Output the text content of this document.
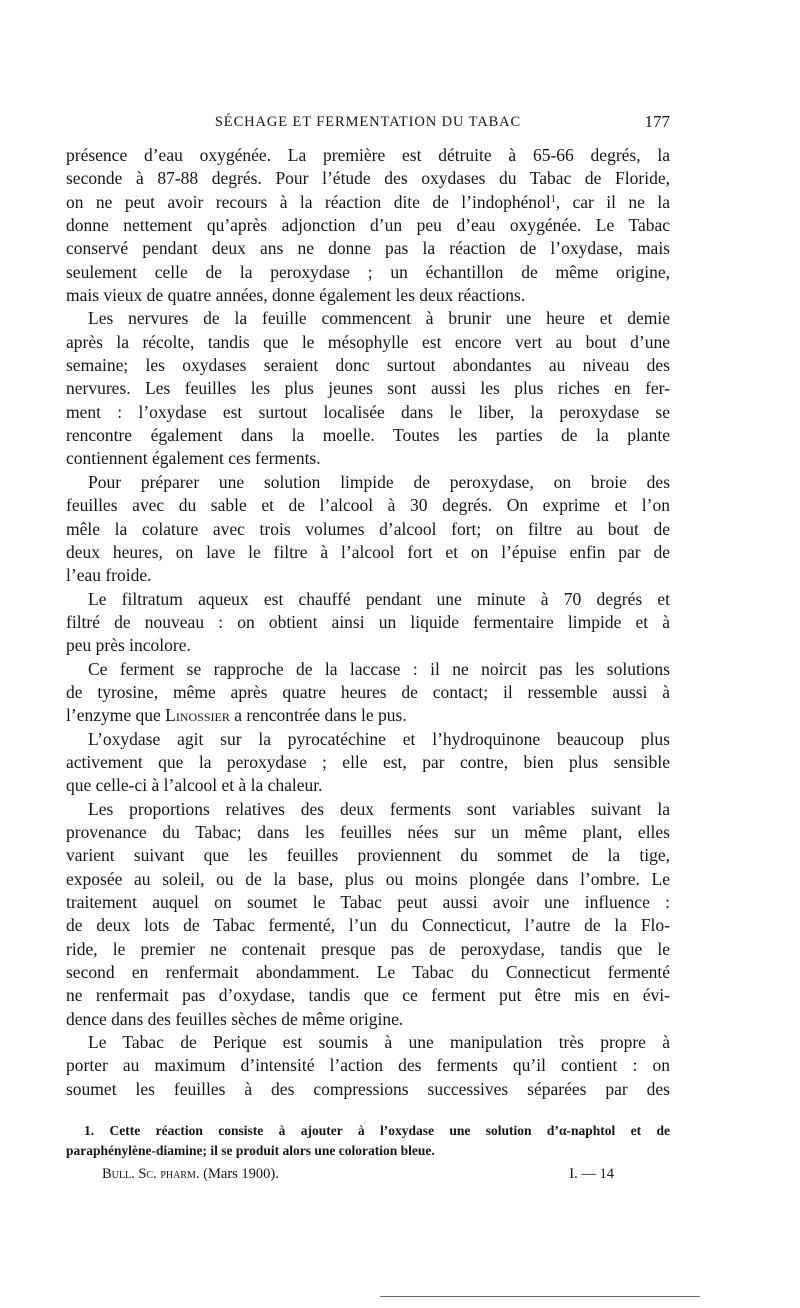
SÉCHAGE ET FERMENTATION DU TABAC	177
présence d’eau oxygénée. La première est détruite à 65-66 degrés, la
seconde à 87-88 degrés. Pour l’étude des oxydases du Tabac de Floride,
on ne peut avoir recours à la réaction dite de l’indophénol$^1$, car il ne la
donne nettement qu’après adjonction d’un peu d’eau oxygénée. Le Tabac
conservé pendant deux ans ne donne pas la réaction de l’oxydase, mais
seulement celle de la peroxydase ; un échantillon de même origine,
mais vieux de quatre années, donne également les deux réactions.
Les nervures de la feuille commencent à brunir une heure et demie
après la récolte, tandis que le mésophylle est encore vert au bout d’une
semaine; les oxydases seraient donc surtout abondantes au niveau des
nervures. Les feuilles les plus jeunes sont aussi les plus riches en fer-
ment : l’oxydase est surtout localisée dans le liber, la peroxydase se
rencontre également dans la moelle. Toutes les parties de la plante
contiennent également ces ferments.
Pour préparer une solution limpide de peroxydase, on broie des
feuilles avec du sable et de l’alcool à 30 degrés. On exprime et l’on
mêle la colature avec trois volumes d’alcool fort; on filtre au bout de
deux heures, on lave le filtre à l’alcool fort et on l’épuise enfin par de
l’eau froide.
Le filtratum aqueux est chauffé pendant une minute à 70 degrés et
filtré de nouveau : on obtient ainsi un liquide fermentaire limpide et à
peu près incolore.
Ce ferment se rapproche de la laccase : il ne noircit pas les solutions
de tyrosine, même après quatre heures de contact; il ressemble aussi à
l’enzyme que Linossier a rencontrée dans le pus.
L’oxydase agit sur la pyrocatéchine et l’hydroquinone beaucoup plus
activement que la peroxydase ; elle est, par contre, bien plus sensible
que celle-ci à l’alcool et à la chaleur.
Les proportions relatives des deux ferments sont variables suivant la
provenance du Tabac; dans les feuilles nées sur un même plant, elles
varient suivant que les feuilles proviennent du sommet de la tige,
exposée au soleil, ou de la base, plus ou moins plongée dans l’ombre. Le
traitement auquel on soumet le Tabac peut aussi avoir une influence :
de deux lots de Tabac fermenté, l’un du Connecticut, l’autre de la Flo-
ride, le premier ne contenait presque pas de peroxydase, tandis que le
second en renfermait abondamment. Le Tabac du Connecticut fermenté
ne renfermait pas d’oxydase, tandis que ce ferment put être mis en évi-
dence dans des feuilles sèches de même origine.
Le Tabac de Perique est soumis à une manipulation très propre à
porter au maximum d’intensité l’action des ferments qu’il contient : on
soumet les feuilles à des compressions successives séparées par des
1. Cette réaction consiste à ajouter à l’oxydase une solution d’α-naphtol et de
paraphénylène-diamine; il se produit alors une coloration bleue.
Bull. Sc. pharm. (Mars 1900).	I. — 14
